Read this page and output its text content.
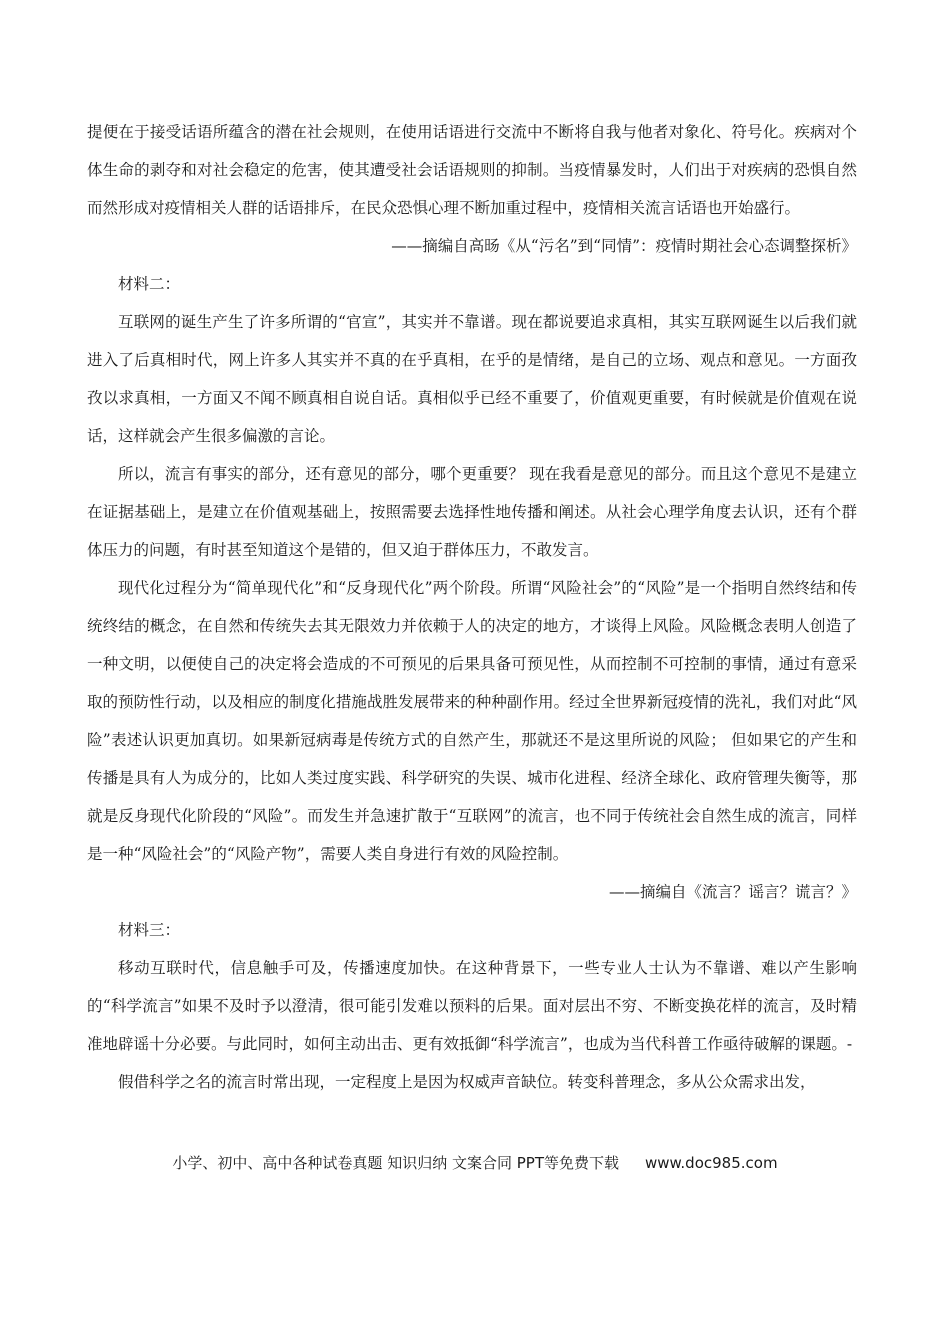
提便在于接受话语所蕴含的潜在社会规则，在使用话语进行交流中不断将自我与他者对象化、符号化。疾病对个体生命的剥夺和对社会稳定的危害，使其遭受社会话语规则的抑制。当疫情暴发时，人们出于对疾病的恐惧自然而然形成对疫情相关人群的话语排斥，在民众恐惧心理不断加重过程中，疫情相关流言话语也开始盛行。

——摘编自高旸《从“污名”到“同情”：疫情时期社会心态调整探析》

材料二：

互联网的诞生产生了许多所谓的“官宣”，其实并不靠谱。现在都说要追求真相，其实互联网诞生以后我们就进入了后真相时代，网上许多人其实并不真的在乎真相，在乎的是情绪，是自己的立场、观点和意见。一方面孜孜以求真相，一方面又不闻不顾真相自说自话。真相似乎已经不重要了，价值观更重要，有时候就是价值观在说话，这样就会产生很多偏激的言论。

所以，流言有事实的部分，还有意见的部分，哪个更重要？ 现在我看是意见的部分。而且这个意见不是建立在证据基础上，是建立在价值观基础上，按照需要去选择性地传播和阐述。从社会心理学角度去认识，还有个群体压力的问题，有时甚至知道这个是错的，但又迫于群体压力，不敢发言。

现代化过程分为“简单现代化”和“反身现代化”两个阶段。所谓“风险社会”的“风险”是一个指明自然终结和传统终结的概念，在自然和传统失去其无限效力并依赖于人的决定的地方，才谈得上风险。风险概念表明人创造了一种文明，以便使自己的决定将会造成的不可预见的后果具备可预见性，从而控制不可控制的事情，通过有意采取的预防性行动，以及相应的制度化措施战胜发展带来的种种副作用。经过全世界新冠疫情的洗礼，我们对此“风险”表述认识更加真切。如果新冠病毒是传统方式的自然产生，那就还不是这里所说的风险； 但如果它的产生和传播是具有人为成分的，比如人类过度实践、科学研究的失误、城市化进程、经济全球化、政府管理失衡等，那就是反身现代化阶段的“风险”。而发生并急速扩散于“互联网”的流言，也不同于传统社会自然生成的流言，同样是一种“风险社会”的“风险产物”，需要人类自身进行有效的风险控制。

——摘编自《流言？谣言？谎言？》

材料三：

移动互联时代，信息触手可及，传播速度加快。在这种背景下，一些专业人士认为不靠谱、难以产生影响的“科学流言”如果不及时予以澄清，很可能引发难以预料的后果。面对层出不穷、不断变换花样的流言，及时精准地辟谣十分必要。与此同时，如何主动出击、更有效抵御“科学流言”，也成为当代科普工作亟待破解的课题。-

假借科学之名的流言时常出现，一定程度上是因为权威声音缺位。转变科普理念，多从公众需求出发，

小学、初中、高中各种试卷真题 知识归纳 文案合同 PPT等免费下载 www.doc985.com
